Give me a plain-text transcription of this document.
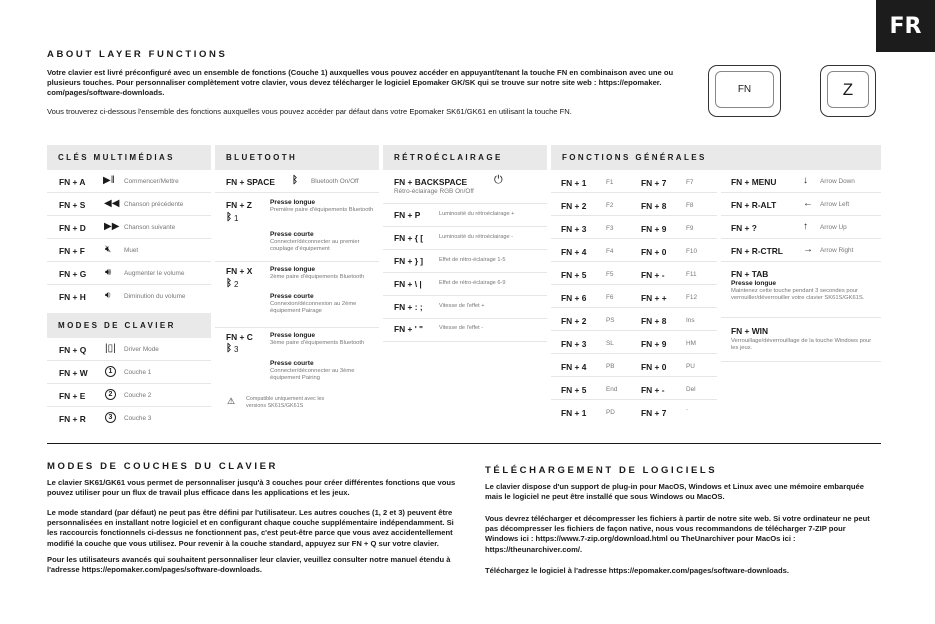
FR
ABOUT LAYER FUNCTIONS
Votre clavier est livré préconfiguré avec un ensemble de fonctions (Couche 1) auxquelles vous pouvez accéder en appuyant/tenant la touche FN en combinaison avec une ou plusieurs touches. Pour personnaliser complètement votre clavier, vous devez télécharger le logiciel Epomaker GK/SK qui se trouve sur notre site web : https://epomaker.
com/pages/software-downloads.
Vous trouverez ci-dessous l'ensemble des fonctions auxquelles vous pouvez accéder par défaut dans votre Epomaker SK61/GK61 en utilisant la touche FN.
FN	Z
CLÉS MULTIMÉDIAS	BLUETOOTH	RÉTROÉCLAIRAGE	FONCTIONS GÉNÉRALES
FN + A ▶‖ Commencer/Mettre
FN + S ◀◀ Chanson précédente
FN + D ▶▶ Chanson suivante
FN + F 🔇︎ Muet
FN + G 🔊︎ Augmenter le volume
FN + H 🔉︎ Diminution du volume
MODES DE CLAVIER
FN + Q |▯| Driver Mode
FN + W	1	Couche 1
FN + E	2	Couche 2
FN + R	3	Couche 3
FN + SPACE ᛒ Bluetooth On/Off
FN + Z
ᛒ 1
Presse longue
Première paire d'équipements Bluetooth
Presse courte
Connecter/déconnecter au premier couplage d'équipement
FN + X
ᛒ 2
Presse longue
2ème paire d'équipements Bluetooth
Presse courte
Connexion/déconnexion au 2ème équipement Pairage
FN + C
ᛒ 3
Presse longue
3ème paire d'équipements Bluetooth
Presse courte
Connecter/déconnecter au 3ème équipement Pairing
⚠ Compatible uniquement avec les versions SK61S/GK61S
FN + BACKSPACE ⏻
Rétro-éclairage RGB On/Off
FN + P	Luminosité du rétroéclairage +
FN + { [	Luminosité du rétroéclairage -
FN + } ]	Effet de rétro-éclairage 1-5
FN + \ |	Effet de rétro-éclairage 6-9
FN + : ;	Vitesse de l'effet +
FN + ' "	Vitesse de l'effet -
FN + 1	F1
FN + 2	F2
FN + 3	F3
FN + 4	F4
FN + 5	F5
FN + 6	F6
FN + 2	PS
FN + 3	SL
FN + 4	PB
FN + 5	End
FN + 1	PD
FN + 7	F7
FN + 8	F8
FN + 9	F9
FN + 0	F10
FN + -	F11
FN + +	F12
FN + 8	Ins
FN + 9	HM
FN + 0	PU
FN + -	Del
FN + 7	`
FN + MENU	↓ Arrow Down
FN + R-ALT	← Arrow Left
FN + ?	↑ Arrow Up
FN + R-CTRL → Arrow Right
FN + TAB
Presse longue
Maintenez cette touche pendant 3 secondes pour verrouiller/déverrouiller votre clavier SK61S/GK61S.
FN + WIN
Verrouillage/déverrouillage de la touche Windows pour les jeux.
MODES DE COUCHES DU CLAVIER
Le clavier SK61/GK61 vous permet de personnaliser jusqu'à 3 couches pour créer différentes fonctions que vous pouvez utiliser pour un flux de travail plus efficace dans les applications et les jeux.
Le mode standard (par défaut) ne peut pas être défini par l'utilisateur. Les autres couches (1, 2 et 3) peuvent être personnalisées en installant notre logiciel et en configurant chaque couche supplémentaire indépendamment. Si les raccourcis fonctionnels ci-dessus ne fonctionnent pas, c'est peut-être parce que vous avez accidentellement modifié la couche que vous utilisez. Pour revenir à la couche standard, appuyez sur FN + Q sur votre clavier.
Pour les utilisateurs avancés qui souhaitent personnaliser leur clavier, veuillez consulter notre manuel étendu à l'adresse https://epomaker.com/pages/software-downloads.
TÉLÉCHARGEMENT DE LOGICIELS
Le clavier dispose d'un support de plug-in pour MacOS, Windows et Linux avec une mémoire embarquée mais le logiciel ne peut être installé que sous Windows ou MacOS.
Vous devrez télécharger et décompresser les fichiers à partir de notre site web. Si votre ordinateur ne peut pas décompresser les fichiers de façon native, nous vous recommandons de télécharger 7-ZIP pour Windows ici : https://www.7-zip.org/download.html ou TheUnarchiver pour MacOs ici : https://theunarchiver.com/.
Téléchargez le logiciel à l'adresse https://epomaker.com/pages/software-downloads.
